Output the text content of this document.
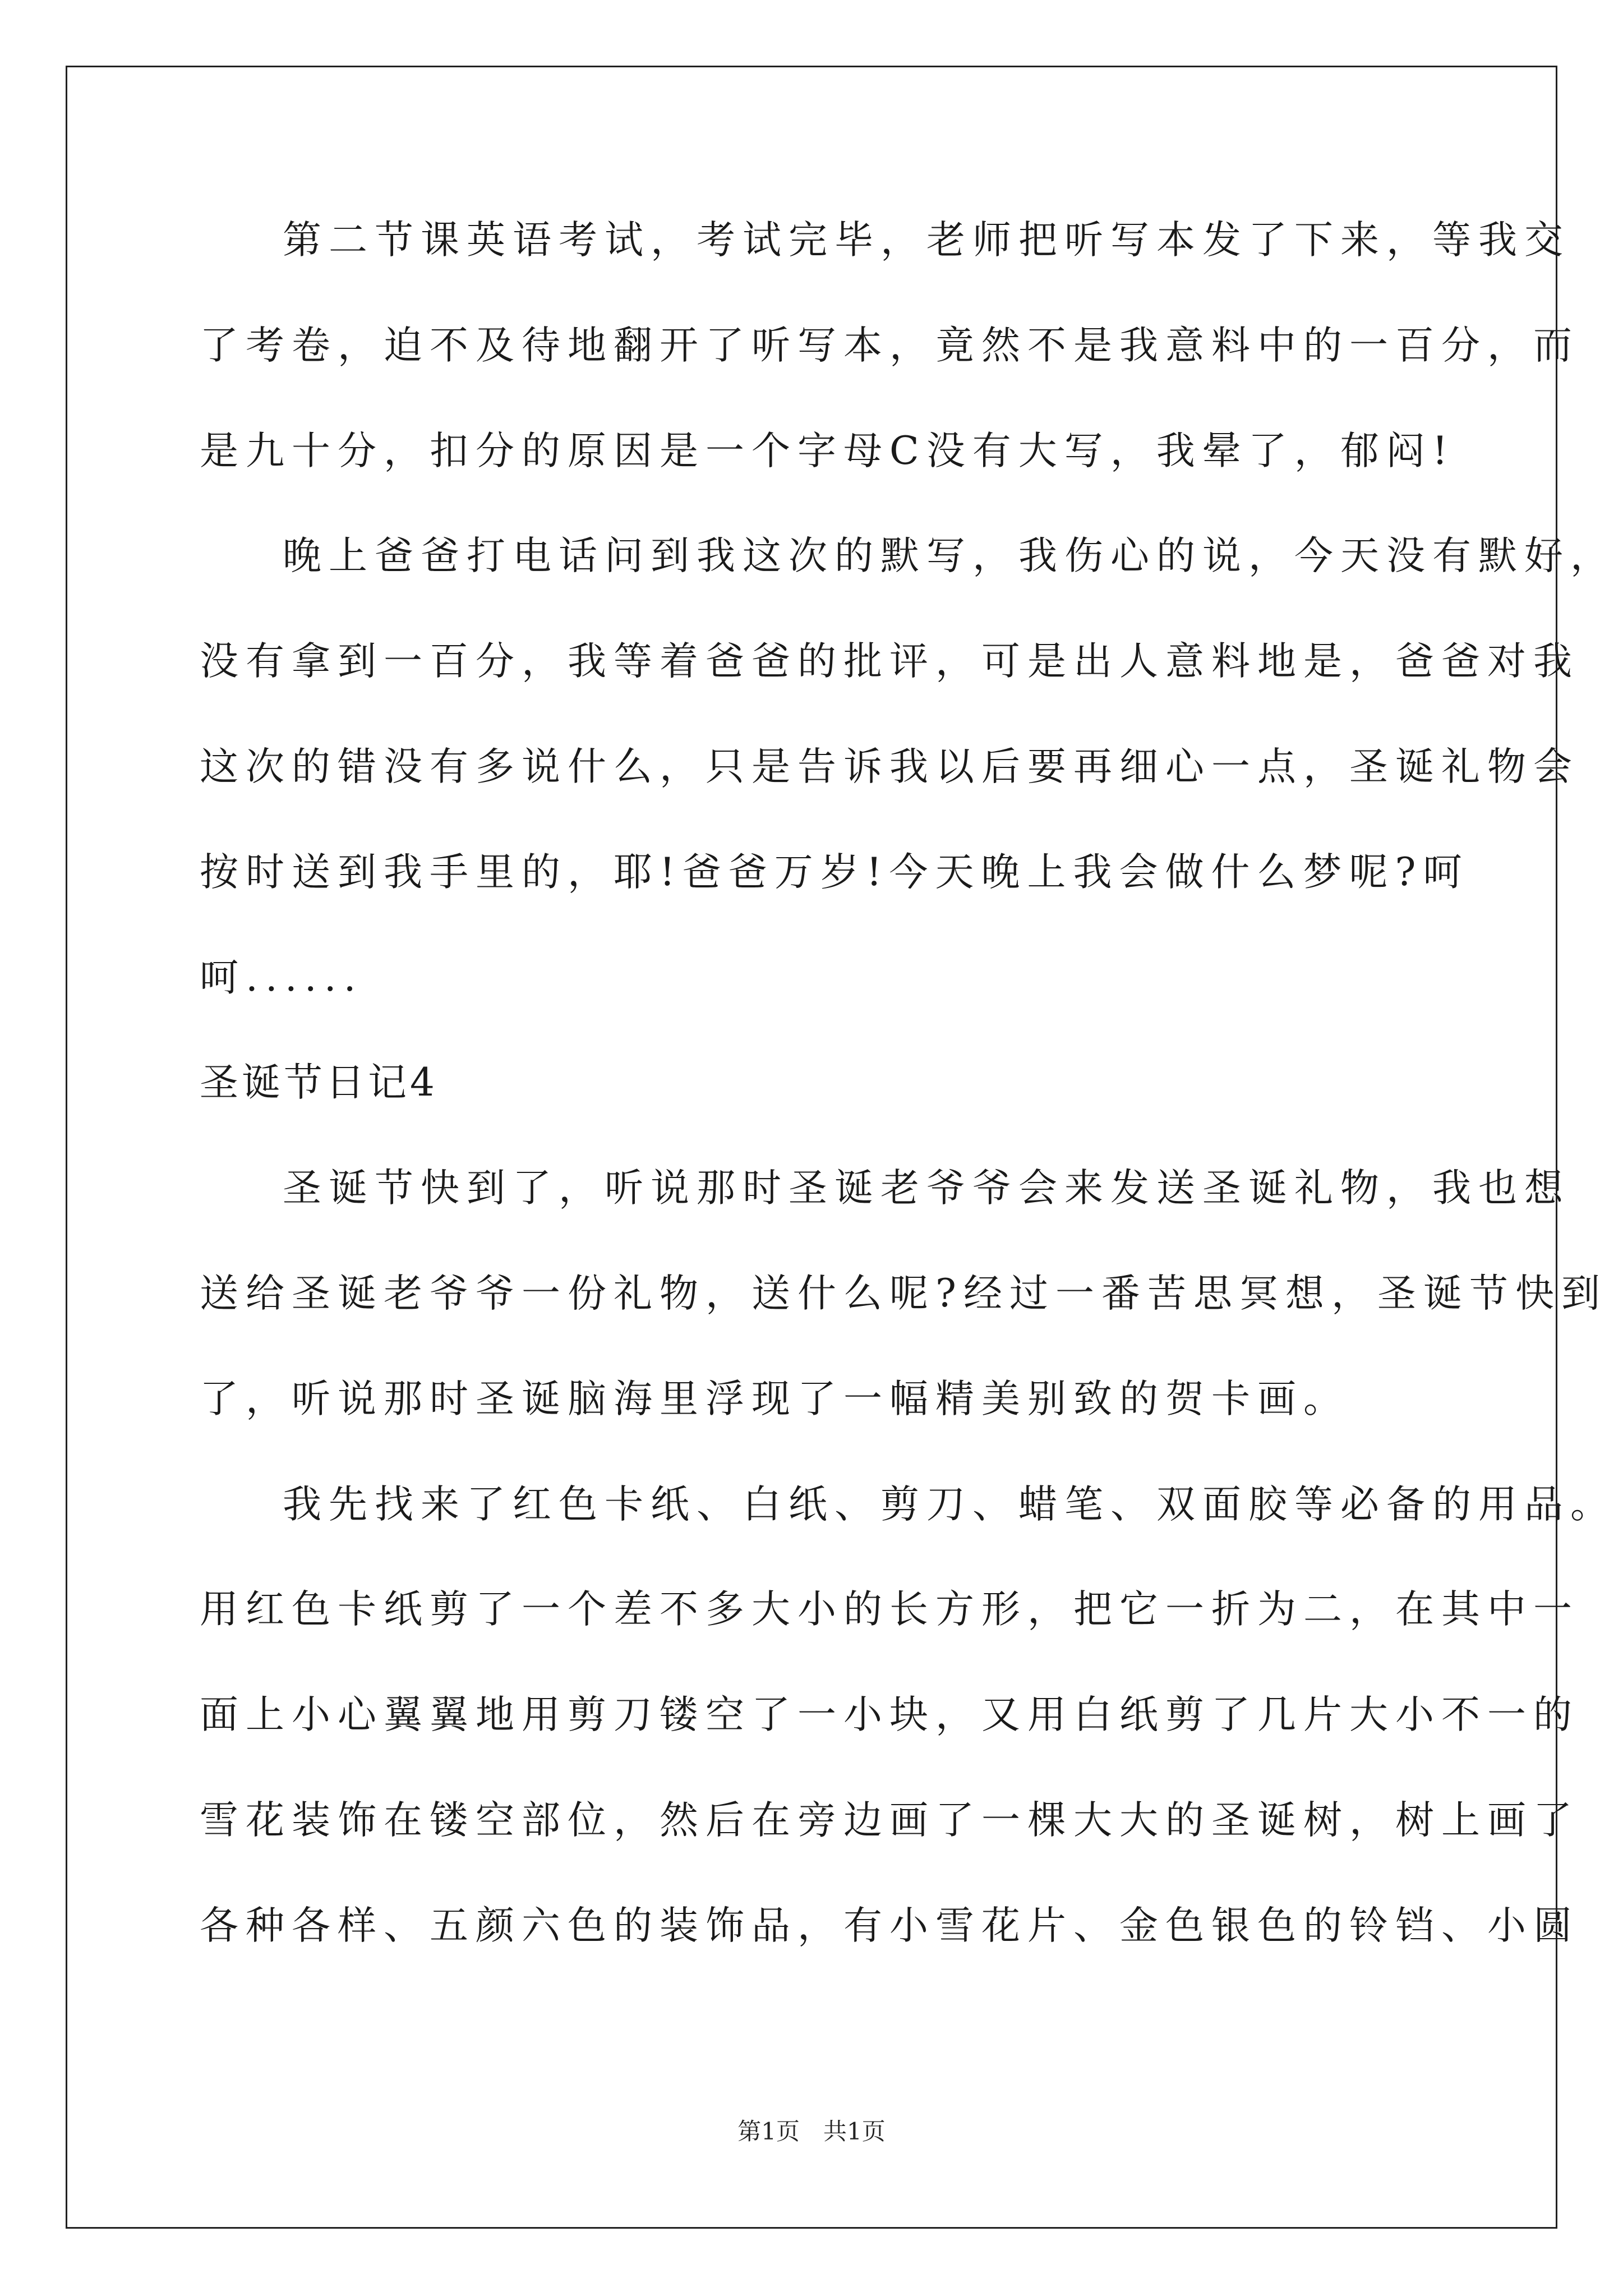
第二节课英语考试，考试完毕，老师把听写本发了下来，等我交
了考卷，迫不及待地翻开了听写本，竟然不是我意料中的一百分，而
是九十分，扣分的原因是一个字母C没有大写，我晕了，郁闷!
晚上爸爸打电话问到我这次的默写，我伤心的说，今天没有默好，
没有拿到一百分，我等着爸爸的批评，可是出人意料地是，爸爸对我
这次的错没有多说什么，只是告诉我以后要再细心一点，圣诞礼物会
按时送到我手里的，耶!爸爸万岁!今天晚上我会做什么梦呢?呵
呵......
圣诞节日记4
圣诞节快到了，听说那时圣诞老爷爷会来发送圣诞礼物，我也想
送给圣诞老爷爷一份礼物，送什么呢?经过一番苦思冥想，圣诞节快到
了，听说那时圣诞脑海里浮现了一幅精美别致的贺卡画。
我先找来了红色卡纸、白纸、剪刀、蜡笔、双面胶等必备的用品。
用红色卡纸剪了一个差不多大小的长方形，把它一折为二，在其中一
面上小心翼翼地用剪刀镂空了一小块，又用白纸剪了几片大小不一的
雪花装饰在镂空部位，然后在旁边画了一棵大大的圣诞树，树上画了
各种各样、五颜六色的装饰品，有小雪花片、金色银色的铃铛、小圆
第1页　共1页
